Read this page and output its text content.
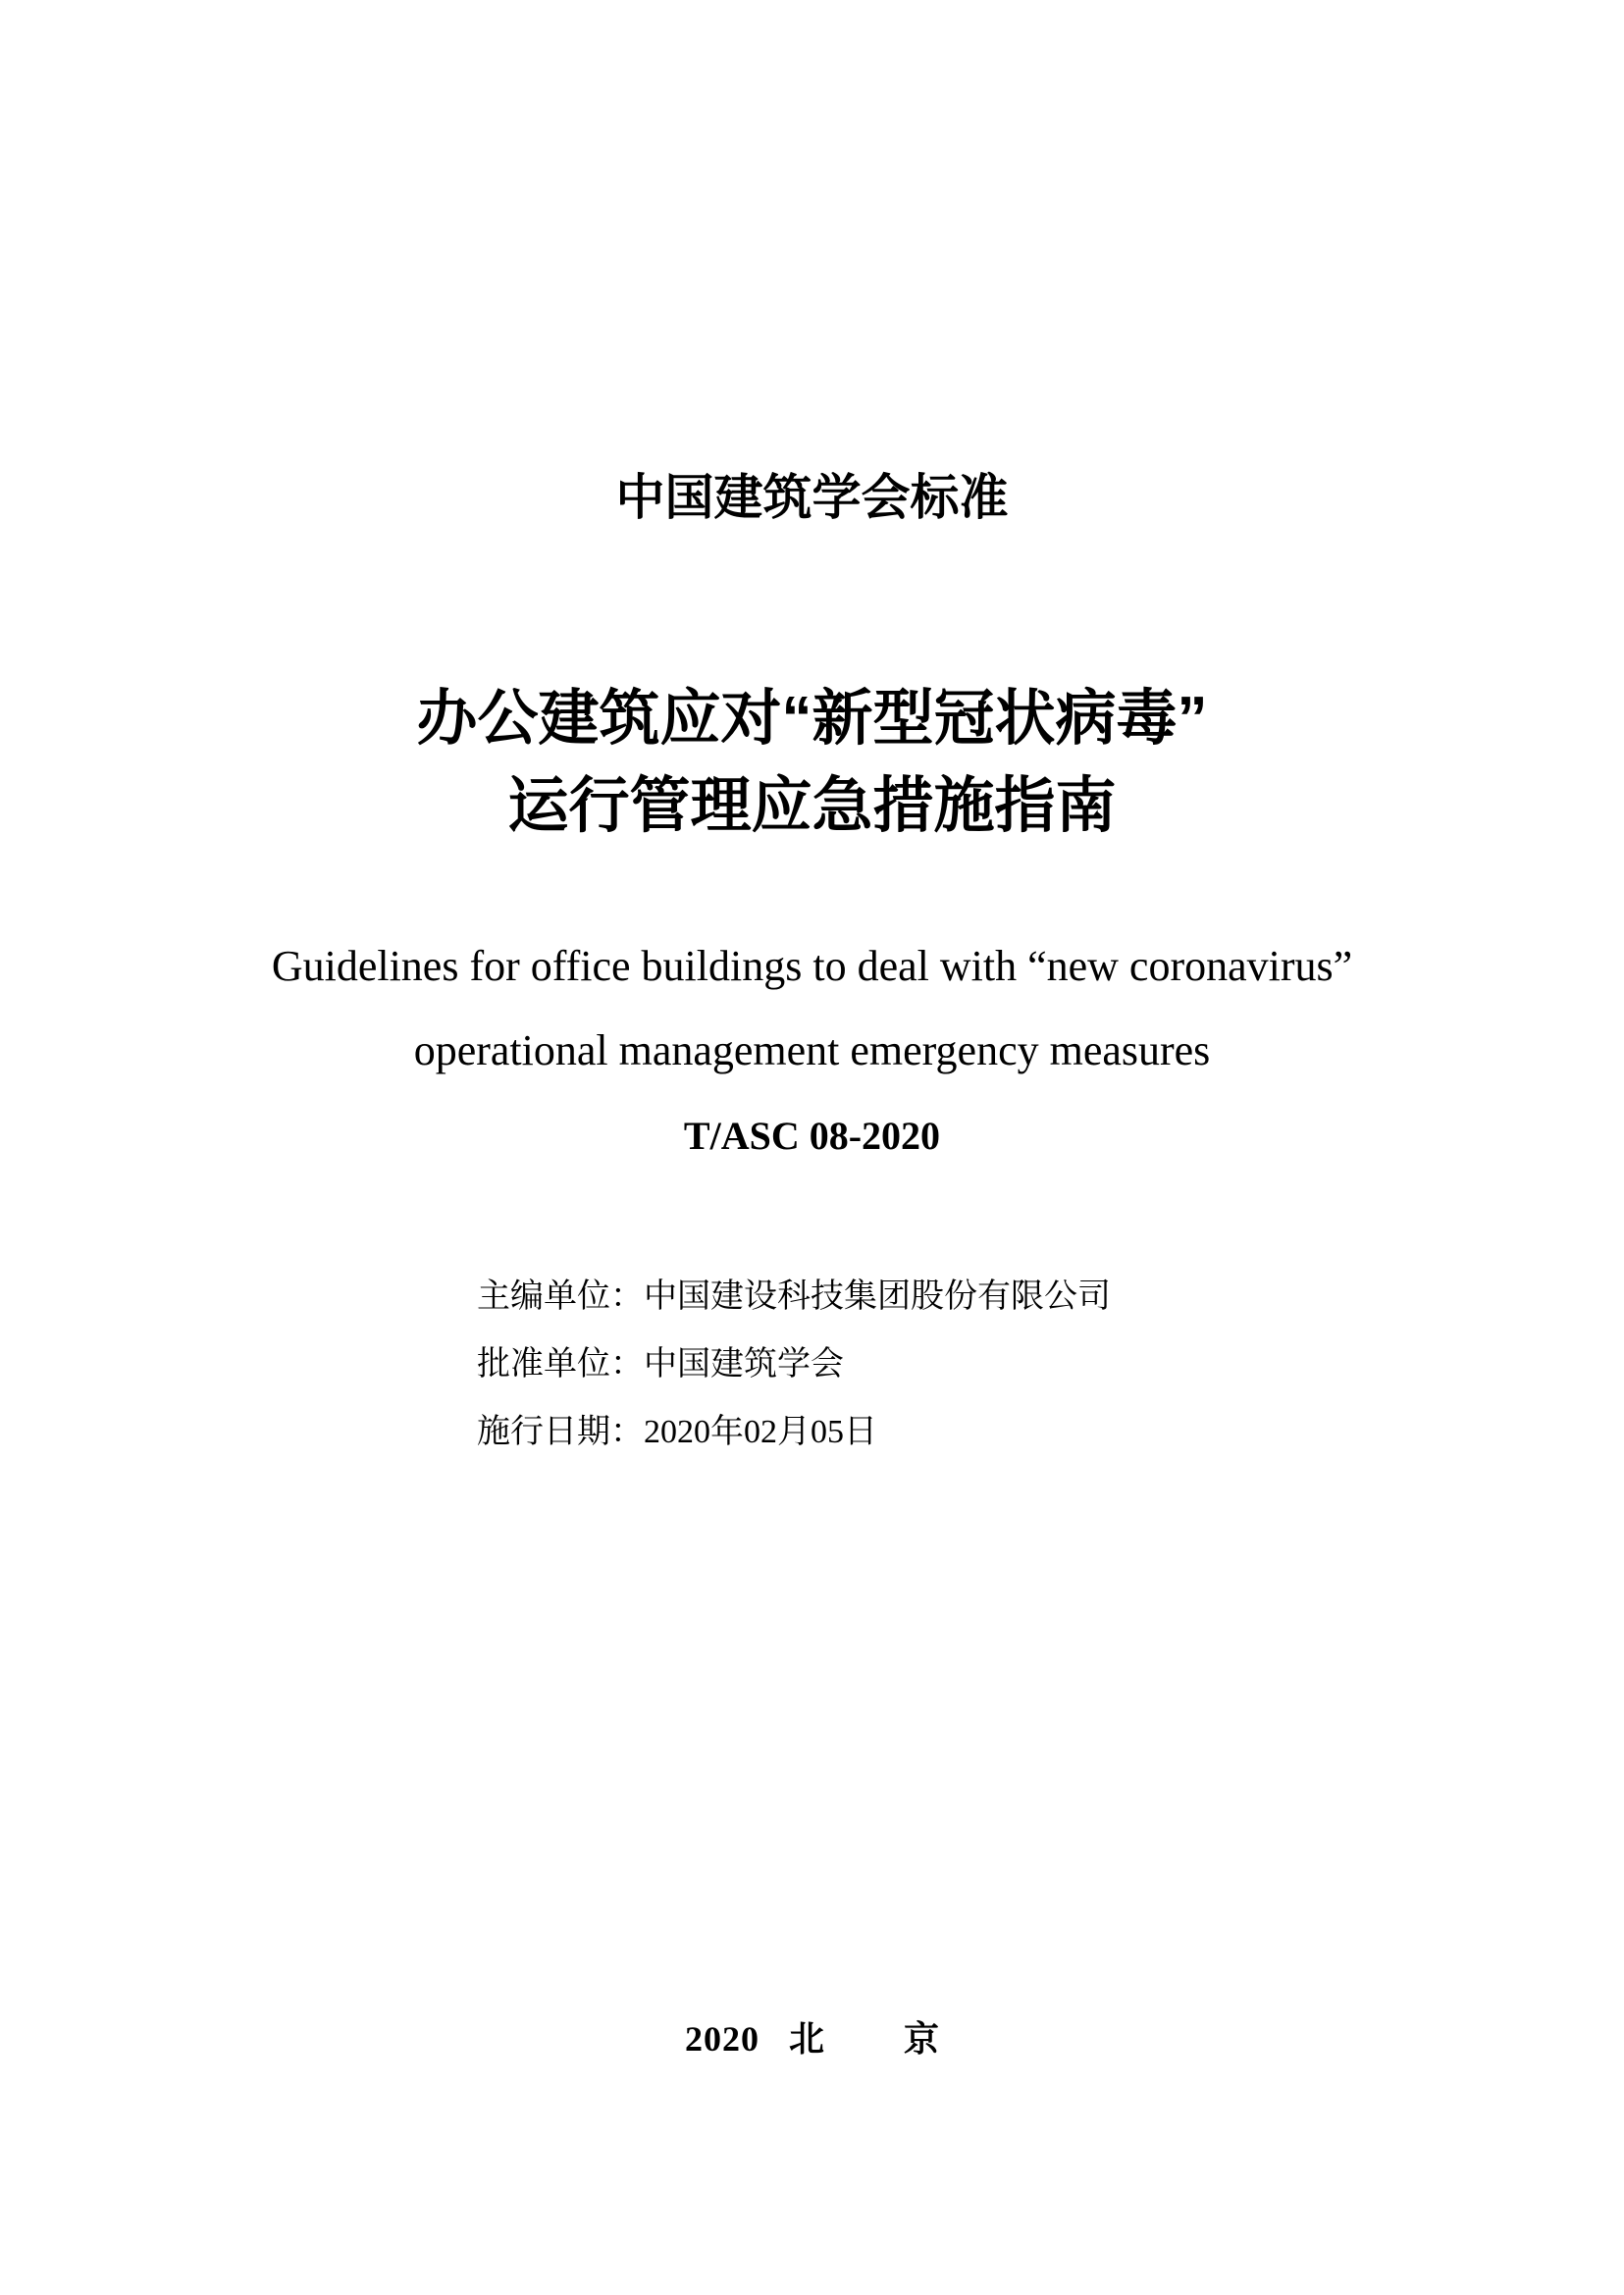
中国建筑学会标准
办公建筑应对“新型冠状病毒”
运行管理应急措施指南
Guidelines for office buildings to deal with “new coronavirus”
operational management emergency measures
T/ASC 08-2020
主编单位：中国建设科技集团股份有限公司
批准单位：中国建筑学会
施行日期：2020年02月05日
2020 北京
